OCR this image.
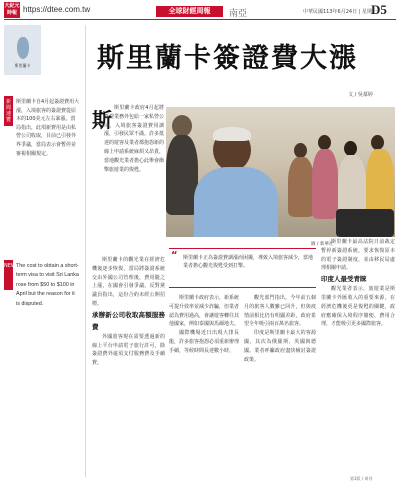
大紀元
時報 https://dtee.com.tw	全球財經周報	南亞	中華民國113年6月24日 | 星期一
D5
斯里蘭卡
新聞速覽
斯里蘭卡自4月起簽證費用大漲，入境旅客的簽證費從原本的100美元左右暴漲。當局指出，此項新費用是由私營公司收取，目前已引發外界爭議，當局表示會暫停並審視相關規定。
NEWS
The cost to obtain a short-term visa to visit Sri Lanka rose from $50 to $100 in April but the reason for it is disputed.
斯里蘭卡簽證費大漲
文 / 吳慕婷
斯 斯里蘭卡政府4月起將簽證業務外包給一家私營公司，入境旅客簽證費用調漲，引發民眾不滿。許多抵達的遊客及業者都抱怨新的線上申請系統麻煩又昂貴，當地觀光業者擔心此舉會衝擊旅遊業的復甦。

圖 / 新華社
“ 斯里蘭卡正為簽證費調漲而困擾，導致入境旅客減少，當地業者擔心觀光復甦受到打擊。

斯里蘭卡的觀光業在經濟危機後逐步恢復，當局將簽證系統交由外國公司管理後，費用隨之上漲，在國會引發爭議。反對黨議員指出，這份合約未經公開招標。

承辦新公司收取高額服務費

外國遊客現在需要透過新的線上平台申請電子旅行許可，除簽證費外還須支付服務費及手續費。

斯里蘭卡政府表示，新系統可提升效率並減少詐騙，但業者認為費用過高，會讓遊客轉往其他國家，例如泰國與馬爾地夫。

國際機場近日出現大排長龍，許多旅客抱怨必須重新辦理手續，等候時間長達數小時。

觀光部門指出，今年前五個月的旅客人數雖已回升，但與疫情前相比仍有明顯差距，政府希望全年吸引兩百萬名旅客。

印度是斯里蘭卡最大的客源國，其次為俄羅斯、英國與德國。業者呼籲政府盡快檢討簽證政策。

斯里蘭卡最高法院日前裁定暫停新簽證系統，要求恢復原本的電子簽證制度，並由移民局處理相關申請。

印度人最受青睞

觀光業者表示，旅遊業是斯里蘭卡外匯收入的重要來源，在經濟危機後更是復甦的關鍵，政府應確保入境程序簡便、費用合理，才能吸引更多國際旅客。

第1版 / 周刊
